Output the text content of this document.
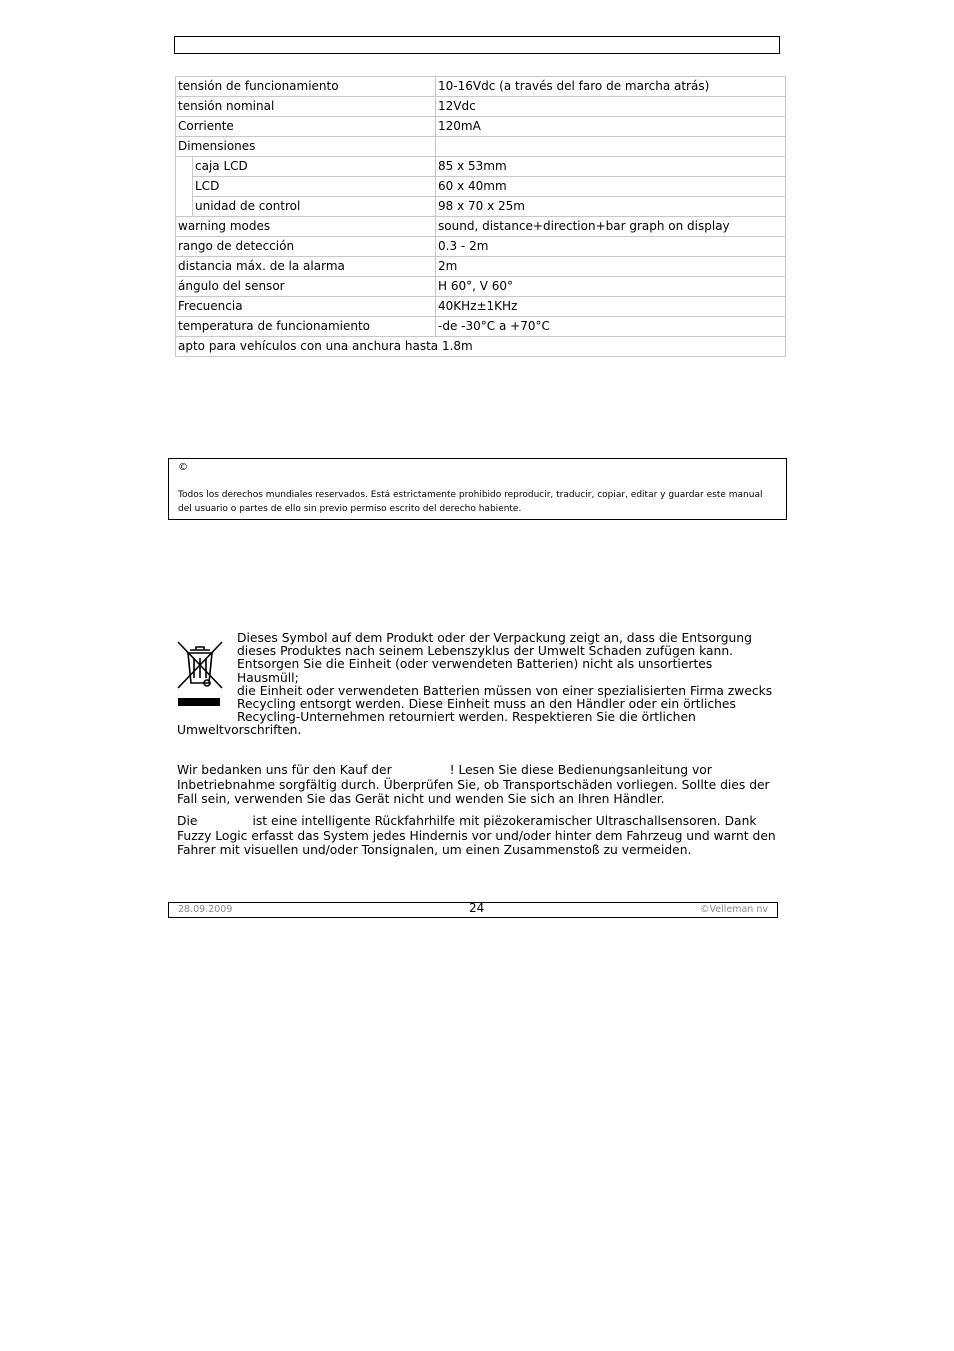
tensión de funcionamiento		10-16Vdc (a través del faro de marcha atrás)
tensión nominal		12Vdc
Corriente		120mA
Dimensiones		
	caja LCD	85 x 53mm
	LCD	60 x 40mm
	unidad de control	98 x 70 x 25m
warning modes		sound, distance+direction+bar graph on display
rango de detección		0.3 - 2m
distancia máx. de la alarma		2m
ángulo del sensor		H 60°, V 60°
Frecuencia		40KHz±1KHz
temperatura de funcionamiento		-de -30°C a +70°C
apto para vehículos con una anchura hasta 1.8m		
©
Todos los derechos mundiales reservados. Está estrictamente prohibido reproducir, traducir, copiar, editar y guardar este manual del usuario o partes de ello sin previo permiso escrito del derecho habiente.

Dieses Symbol auf dem Produkt oder der Verpackung zeigt an, dass die Entsorgung

dieses Produktes nach seinem Lebenszyklus der Umwelt Schaden zufügen kann.

Entsorgen Sie die Einheit (oder verwendeten Batterien) nicht als unsortiertes Hausmüll;

die Einheit oder verwendeten Batterien müssen von einer spezialisierten Firma zwecks

Recycling entsorgt werden. Diese Einheit muss an den Händler oder ein örtliches

Recycling-Unternehmen retourniert werden. Respektieren Sie die örtlichen

Umweltvorschriften.

Wir bedanken uns für den Kauf der	! Lesen Sie diese Bedienungsanleitung vor Inbetriebnahme sorgfältig durch. Überprüfen Sie, ob Transportschäden vorliegen. Sollte dies der Fall sein, verwenden Sie das Gerät nicht und wenden Sie sich an Ihren Händler.

Die	ist eine intelligente Rückfahrhilfe mit piëzokeramischer Ultraschallsensoren. Dank Fuzzy Logic erfasst das System jedes Hindernis vor und/oder hinter dem Fahrzeug und warnt den Fahrer mit visuellen und/oder Tonsignalen, um einen Zusammenstoß zu vermeiden.

28.09.2009	24	©Velleman nv
